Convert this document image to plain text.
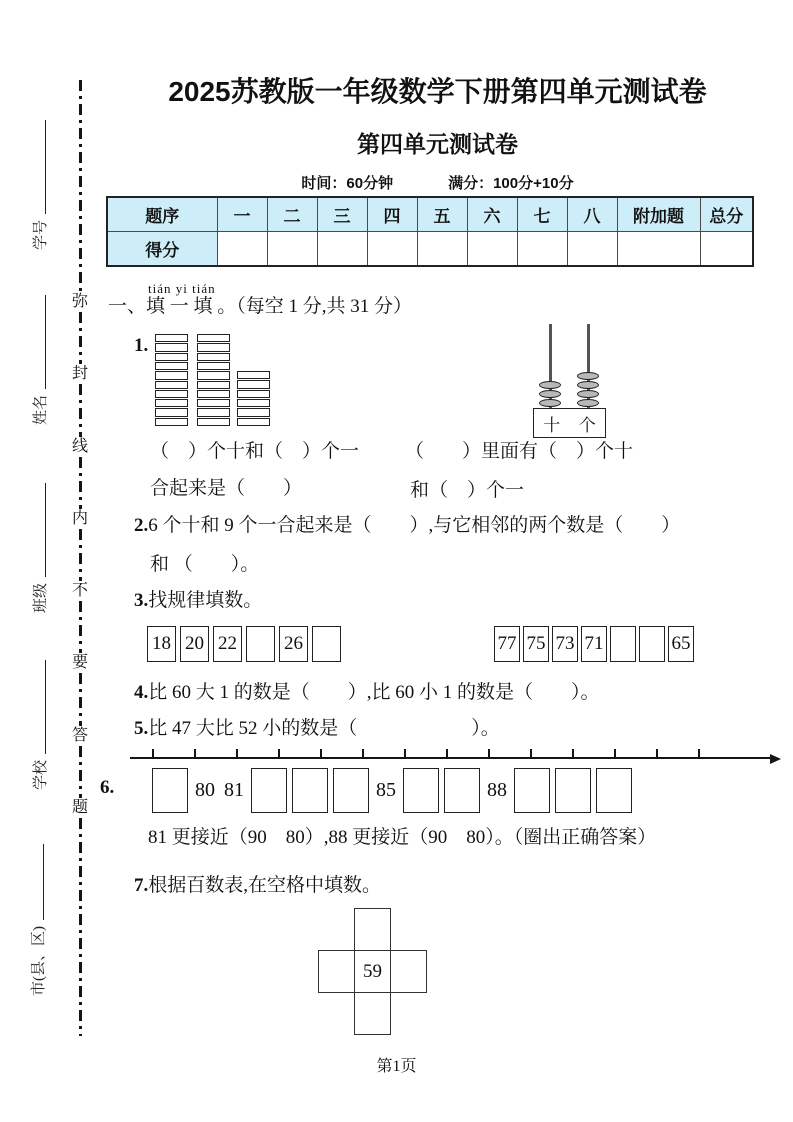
学号
姓名
班级
学校
市(县、区)
弥
封
线
内
不
要
答
题
2025苏教版一年级数学下册第四单元测试卷
第四单元测试卷
时间：60分钟	满分：100分+10分
题序	一	二	三	四	五	六	七	八	附加题	总分
得分										
tián yi tián
一、填 一 填 。（每空 1 分,共 31 分）
1.
十 个
（　）个十和（　）个一 （　　）里面有（　）个十
合起来是（　　）	和（　）个一
2.6 个十和 9 个一合起来是（　　）,与它相邻的两个数是（　　）
和 （　　）。
3.找规律填数。
18 20 22 26	77 75 73 71	65
4.比 60 大 1 的数是（　　）,比 60 小 1 的数是（　　）。
5.比 47 大比 52 小的数是（　　　　　　）。
6.	80 81	85	88
81 更接近（90　80）,88 更接近（90　80）。（圈出正确答案）
7.根据百数表,在空格中填数。
59
第1页
